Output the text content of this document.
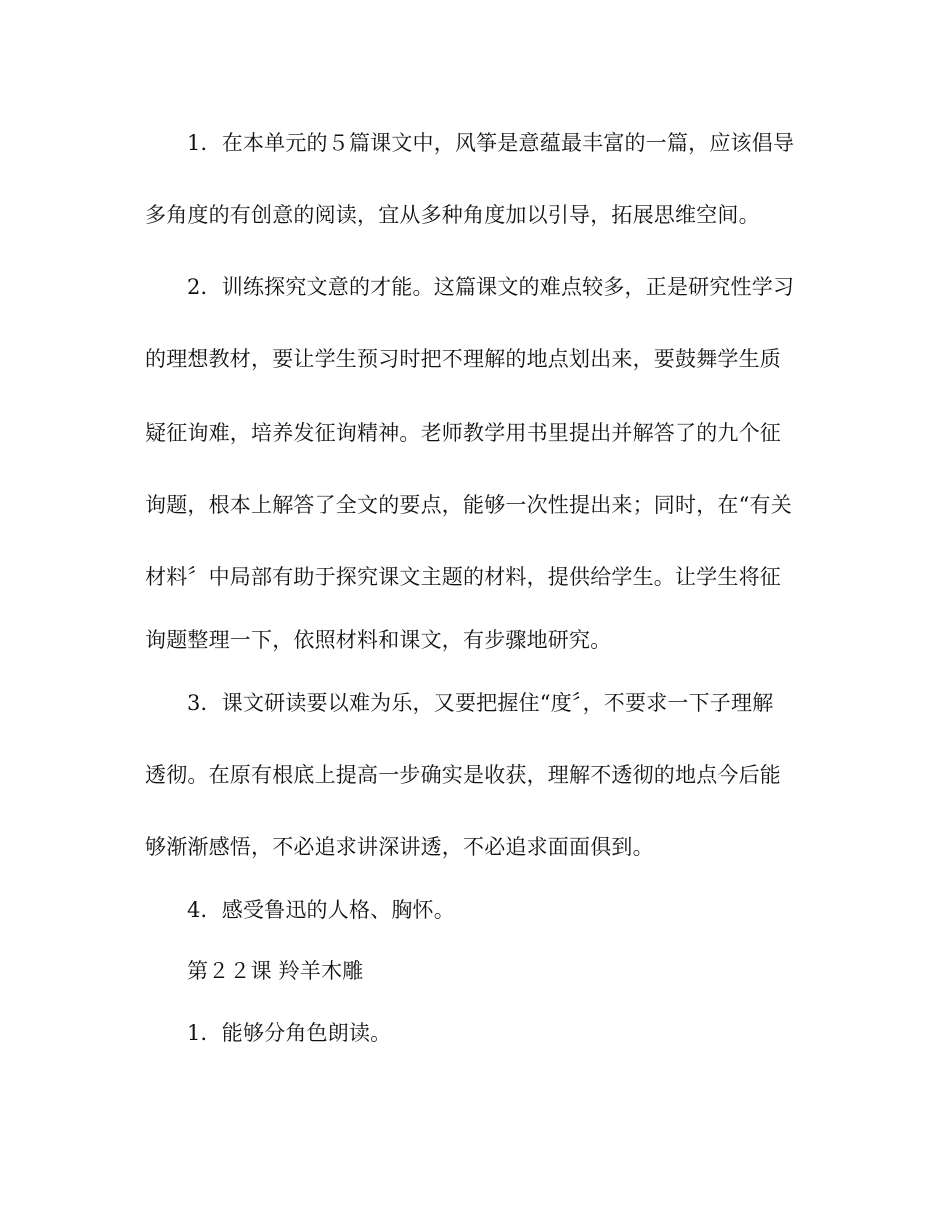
1．在本单元的５篇课文中，风筝是意蕴最丰富的一篇，应该倡导
多角度的有创意的阅读，宜从多种角度加以引导，拓展思维空间。
2．训练探究文意的才能。这篇课文的难点较多，正是研究性学习
的理想教材，要让学生预习时把不理解的地点划出来，要鼓舞学生质
疑征询难，培养发征询精神。老师教学用书里提出并解答了的九个征
询题，根本上解答了全文的要点，能够一次性提出来；同时，在“有关
材料〞中局部有助于探究课文主题的材料，提供给学生。让学生将征
询题整理一下，依照材料和课文，有步骤地研究。
3．课文研读要以难为乐，又要把握住“度〞，不要求一下子理解
透彻。在原有根底上提高一步确实是收获，理解不透彻的地点今后能
够渐渐感悟，不必追求讲深讲透，不必追求面面俱到。
4．感受鲁迅的人格、胸怀。
第２２课 羚羊木雕
1．能够分角色朗读。
